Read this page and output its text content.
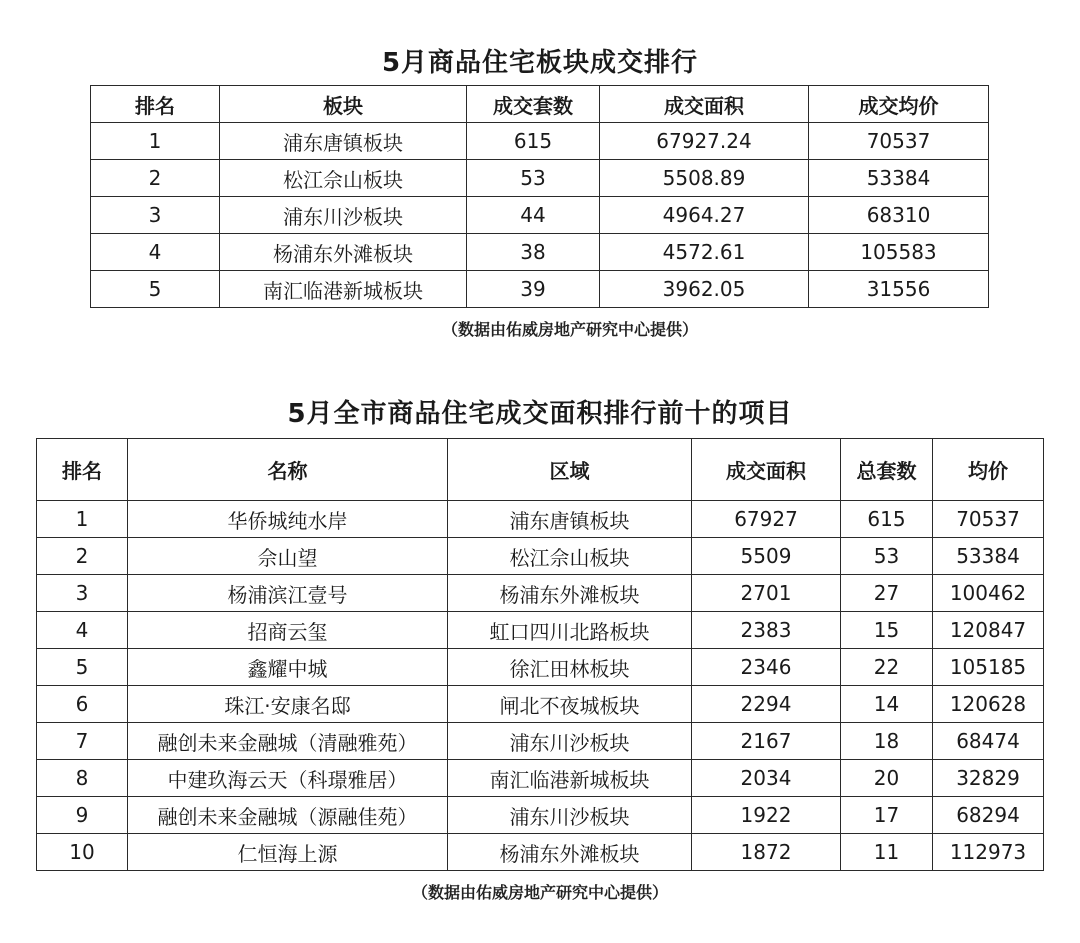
5月商品住宅板块成交排行
排名	板块	成交套数	成交面积	成交均价
1	浦东唐镇板块	615	67927.24	70537
2	松江佘山板块	53	5508.89	53384
3	浦东川沙板块	44	4964.27	68310
4	杨浦东外滩板块	38	4572.61	105583
5	南汇临港新城板块	39	3962.05	31556
（数据由佑威房地产研究中心提供）
5月全市商品住宅成交面积排行前十的项目
排名	名称	区域	成交面积	总套数	均价
1	华侨城纯水岸	浦东唐镇板块	67927	615	70537
2	佘山望	松江佘山板块	5509	53	53384
3	杨浦滨江壹号	杨浦东外滩板块	2701	27	100462
4	招商云玺	虹口四川北路板块	2383	15	120847
5	鑫耀中城	徐汇田林板块	2346	22	105185
6	珠江·安康名邸	闸北不夜城板块	2294	14	120628
7	融创未来金融城（清融雅苑）	浦东川沙板块	2167	18	68474
8	中建玖海云天（科璟雅居）	南汇临港新城板块	2034	20	32829
9	融创未来金融城（源融佳苑）	浦东川沙板块	1922	17	68294
10	仁恒海上源	杨浦东外滩板块	1872	11	112973
（数据由佑威房地产研究中心提供）
